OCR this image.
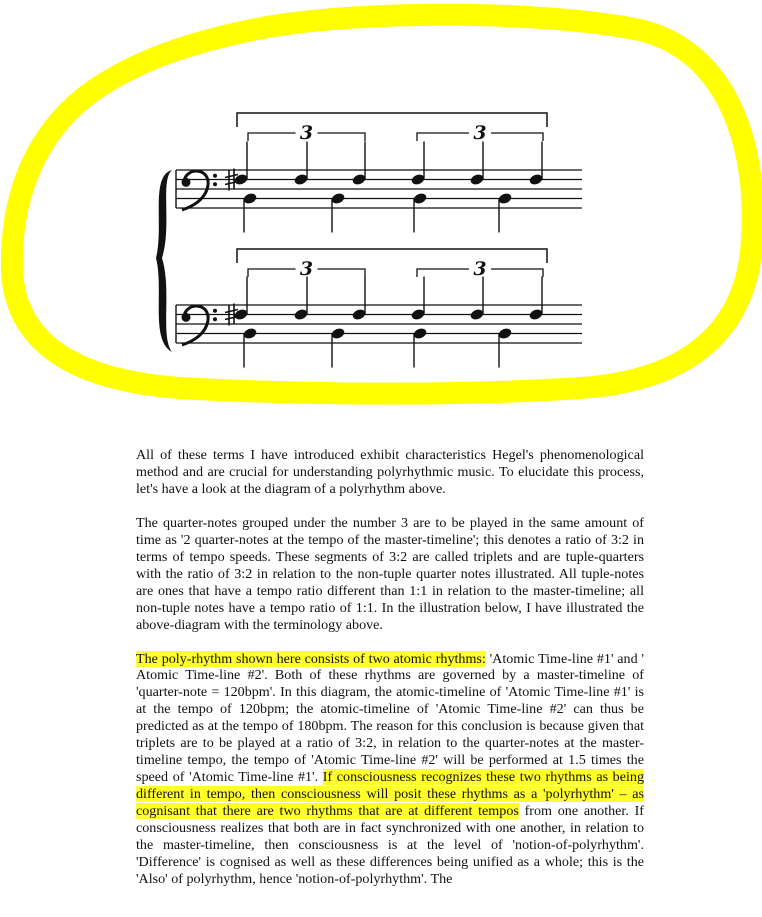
3	3
3	3

All of these terms I have introduced exhibit characteristics Hegel's phenomenological method and are crucial for understanding polyrhythmic music. To elucidate this process, let's have a look at the diagram of a polyrhythm above.

The quarter-notes grouped under the number 3 are to be played in the same amount of time as '2 quarter-notes at the tempo of the master-timeline'; this denotes a ratio of 3:2 in terms of tempo speeds. These segments of 3:2 are called triplets and are tuple-quarters with the ratio of 3:2 in relation to the non-tuple quarter notes illustrated. All tuple-notes are ones that have a tempo ratio different than 1:1 in relation to the master-timeline; all non-tuple notes have a tempo ratio of 1:1. In the illustration below, I have illustrated the above-diagram with the terminology above.

The poly-rhythm shown here consists of two atomic rhythms: 'Atomic Time-line #1' and ' Atomic Time-line #2'. Both of these rhythms are governed by a master-timeline of 'quarter-note = 120bpm'. In this diagram, the atomic-timeline of 'Atomic Time-line #1' is at the tempo of 120bpm; the atomic-timeline of 'Atomic Time-line #2' can thus be predicted as at the tempo of 180bpm. The reason for this conclusion is because given that triplets are to be played at a ratio of 3:2, in relation to the quarter-notes at the master-timeline tempo, the tempo of 'Atomic Time-line #2' will be performed at 1.5 times the speed of 'Atomic Time-line #1'. If consciousness recognizes these two rhythms as being different in tempo, then consciousness will posit these rhythms as a 'polyrhythm' – as cognisant that there are two rhythms that are at different tempos from one another. If consciousness realizes that both are in fact synchronized with one another, in relation to the master-timeline, then consciousness is at the level of 'notion-of-polyrhythm'. 'Difference' is cognised as well as these differences being unified as a whole; this is the 'Also' of polyrhythm, hence 'notion-of-polyrhythm'. The
